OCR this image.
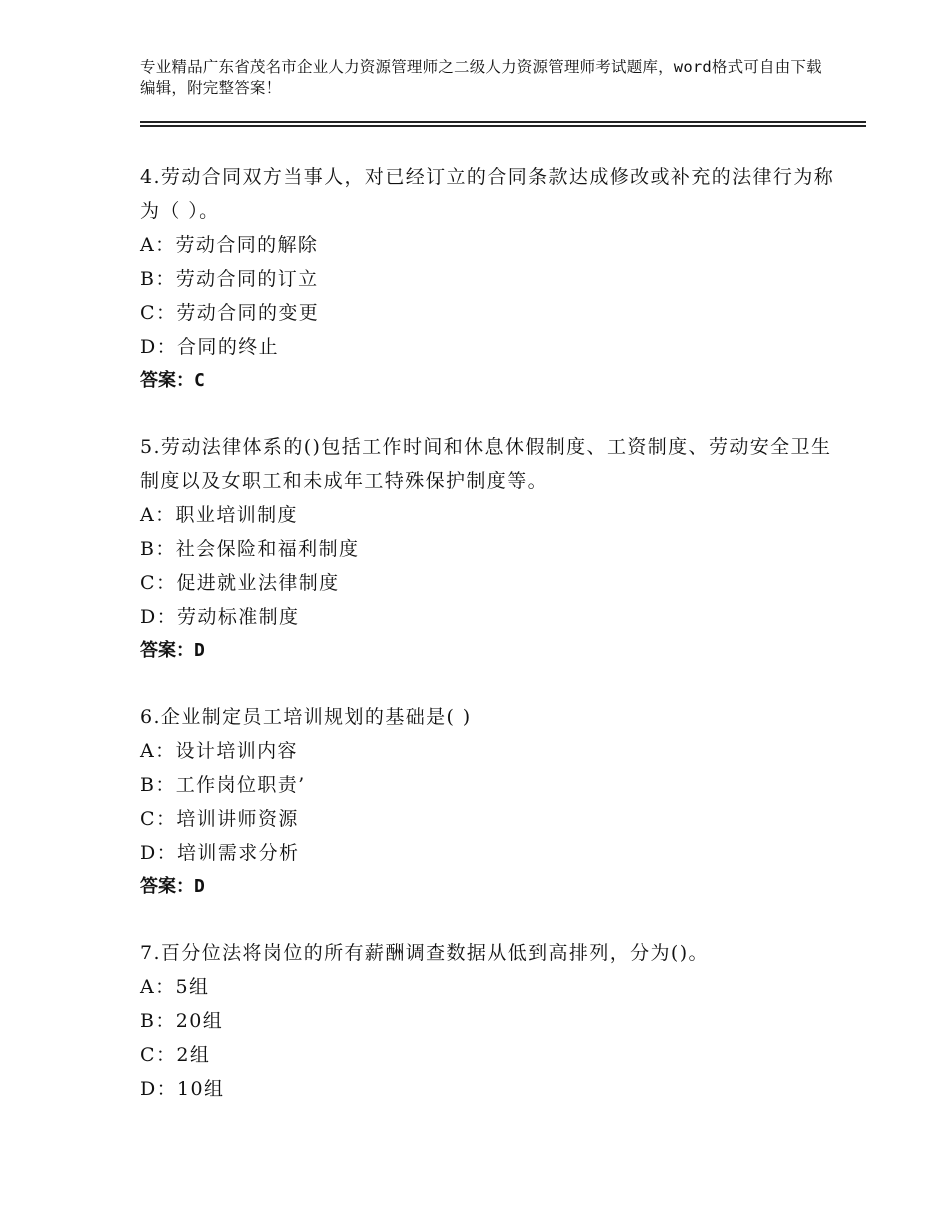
专业精品广东省茂名市企业人力资源管理师之二级人力资源管理师考试题库，word格式可自由下载编辑，附完整答案！

4.劳动合同双方当事人，对已经订立的合同条款达成修改或补充的法律行为称为（ ）。

A：劳动合同的解除

B：劳动合同的订立

C：劳动合同的变更

D：合同的终止

答案：C

5.劳动法律体系的()包括工作时间和休息休假制度、工资制度、劳动安全卫生制度以及女职工和未成年工特殊保护制度等。

A：职业培训制度

B：社会保险和福利制度

C：促进就业法律制度

D：劳动标准制度

答案：D

6.企业制定员工培训规划的基础是( )

A：设计培训内容

B：工作岗位职责’

C：培训讲师资源

D：培训需求分析

答案：D

7.百分位法将岗位的所有薪酬调查数据从低到高排列，分为()。

A：5组

B：20组

C：2组

D：10组
